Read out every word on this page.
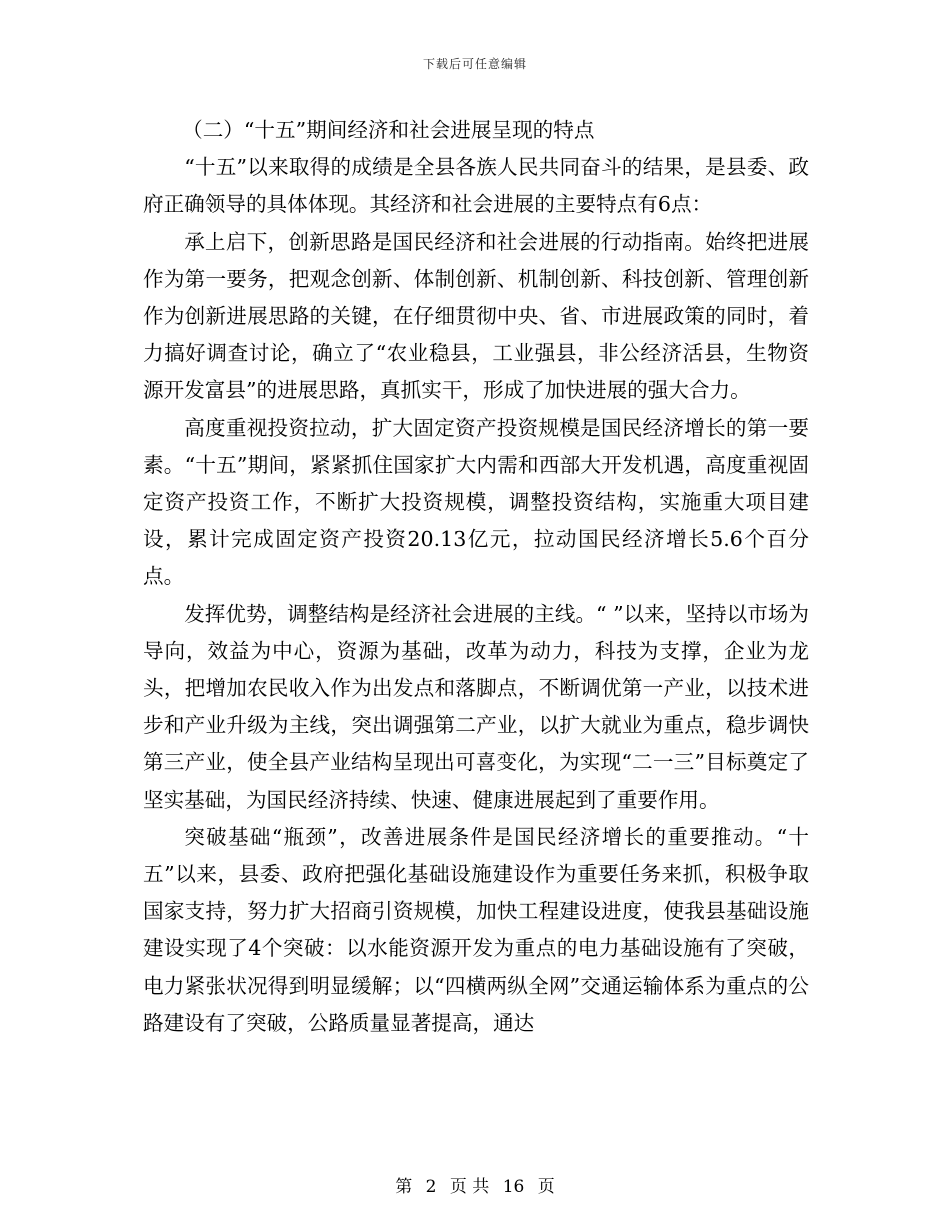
下载后可任意编辑

（二）“十五”期间经济和社会进展呈现的特点

“十五”以来取得的成绩是全县各族人民共同奋斗的结果，是县委、政府正确领导的具体体现。其经济和社会进展的主要特点有6点：

承上启下，创新思路是国民经济和社会进展的行动指南。始终把进展作为第一要务，把观念创新、体制创新、机制创新、科技创新、管理创新作为创新进展思路的关键，在仔细贯彻中央、省、市进展政策的同时，着力搞好调查讨论，确立了“农业稳县，工业强县，非公经济活县，生物资源开发富县”的进展思路，真抓实干，形成了加快进展的强大合力。

高度重视投资拉动，扩大固定资产投资规模是国民经济增长的第一要素。“十五”期间，紧紧抓住国家扩大内需和西部大开发机遇，高度重视固定资产投资工作，不断扩大投资规模，调整投资结构，实施重大项目建设，累计完成固定资产投资20.13亿元，拉动国民经济增长5.6个百分点。

发挥优势，调整结构是经济社会进展的主线。“ ”以来，坚持以市场为导向，效益为中心，资源为基础，改革为动力，科技为支撑，企业为龙头，把增加农民收入作为出发点和落脚点，不断调优第一产业，以技术进步和产业升级为主线，突出调强第二产业，以扩大就业为重点，稳步调快第三产业，使全县产业结构呈现出可喜变化，为实现“二一三”目标奠定了坚实基础，为国民经济持续、快速、健康进展起到了重要作用。

突破基础“瓶颈”，改善进展条件是国民经济增长的重要推动。“十五”以来，县委、政府把强化基础设施建设作为重要任务来抓，积极争取国家支持，努力扩大招商引资规模，加快工程建设进度，使我县基础设施建设实现了4个突破：以水能资源开发为重点的电力基础设施有了突破，电力紧张状况得到明显缓解；以“四横两纵全网”交通运输体系为重点的公路建设有了突破，公路质量显著提高，通达

第 2 页 共 16 页
